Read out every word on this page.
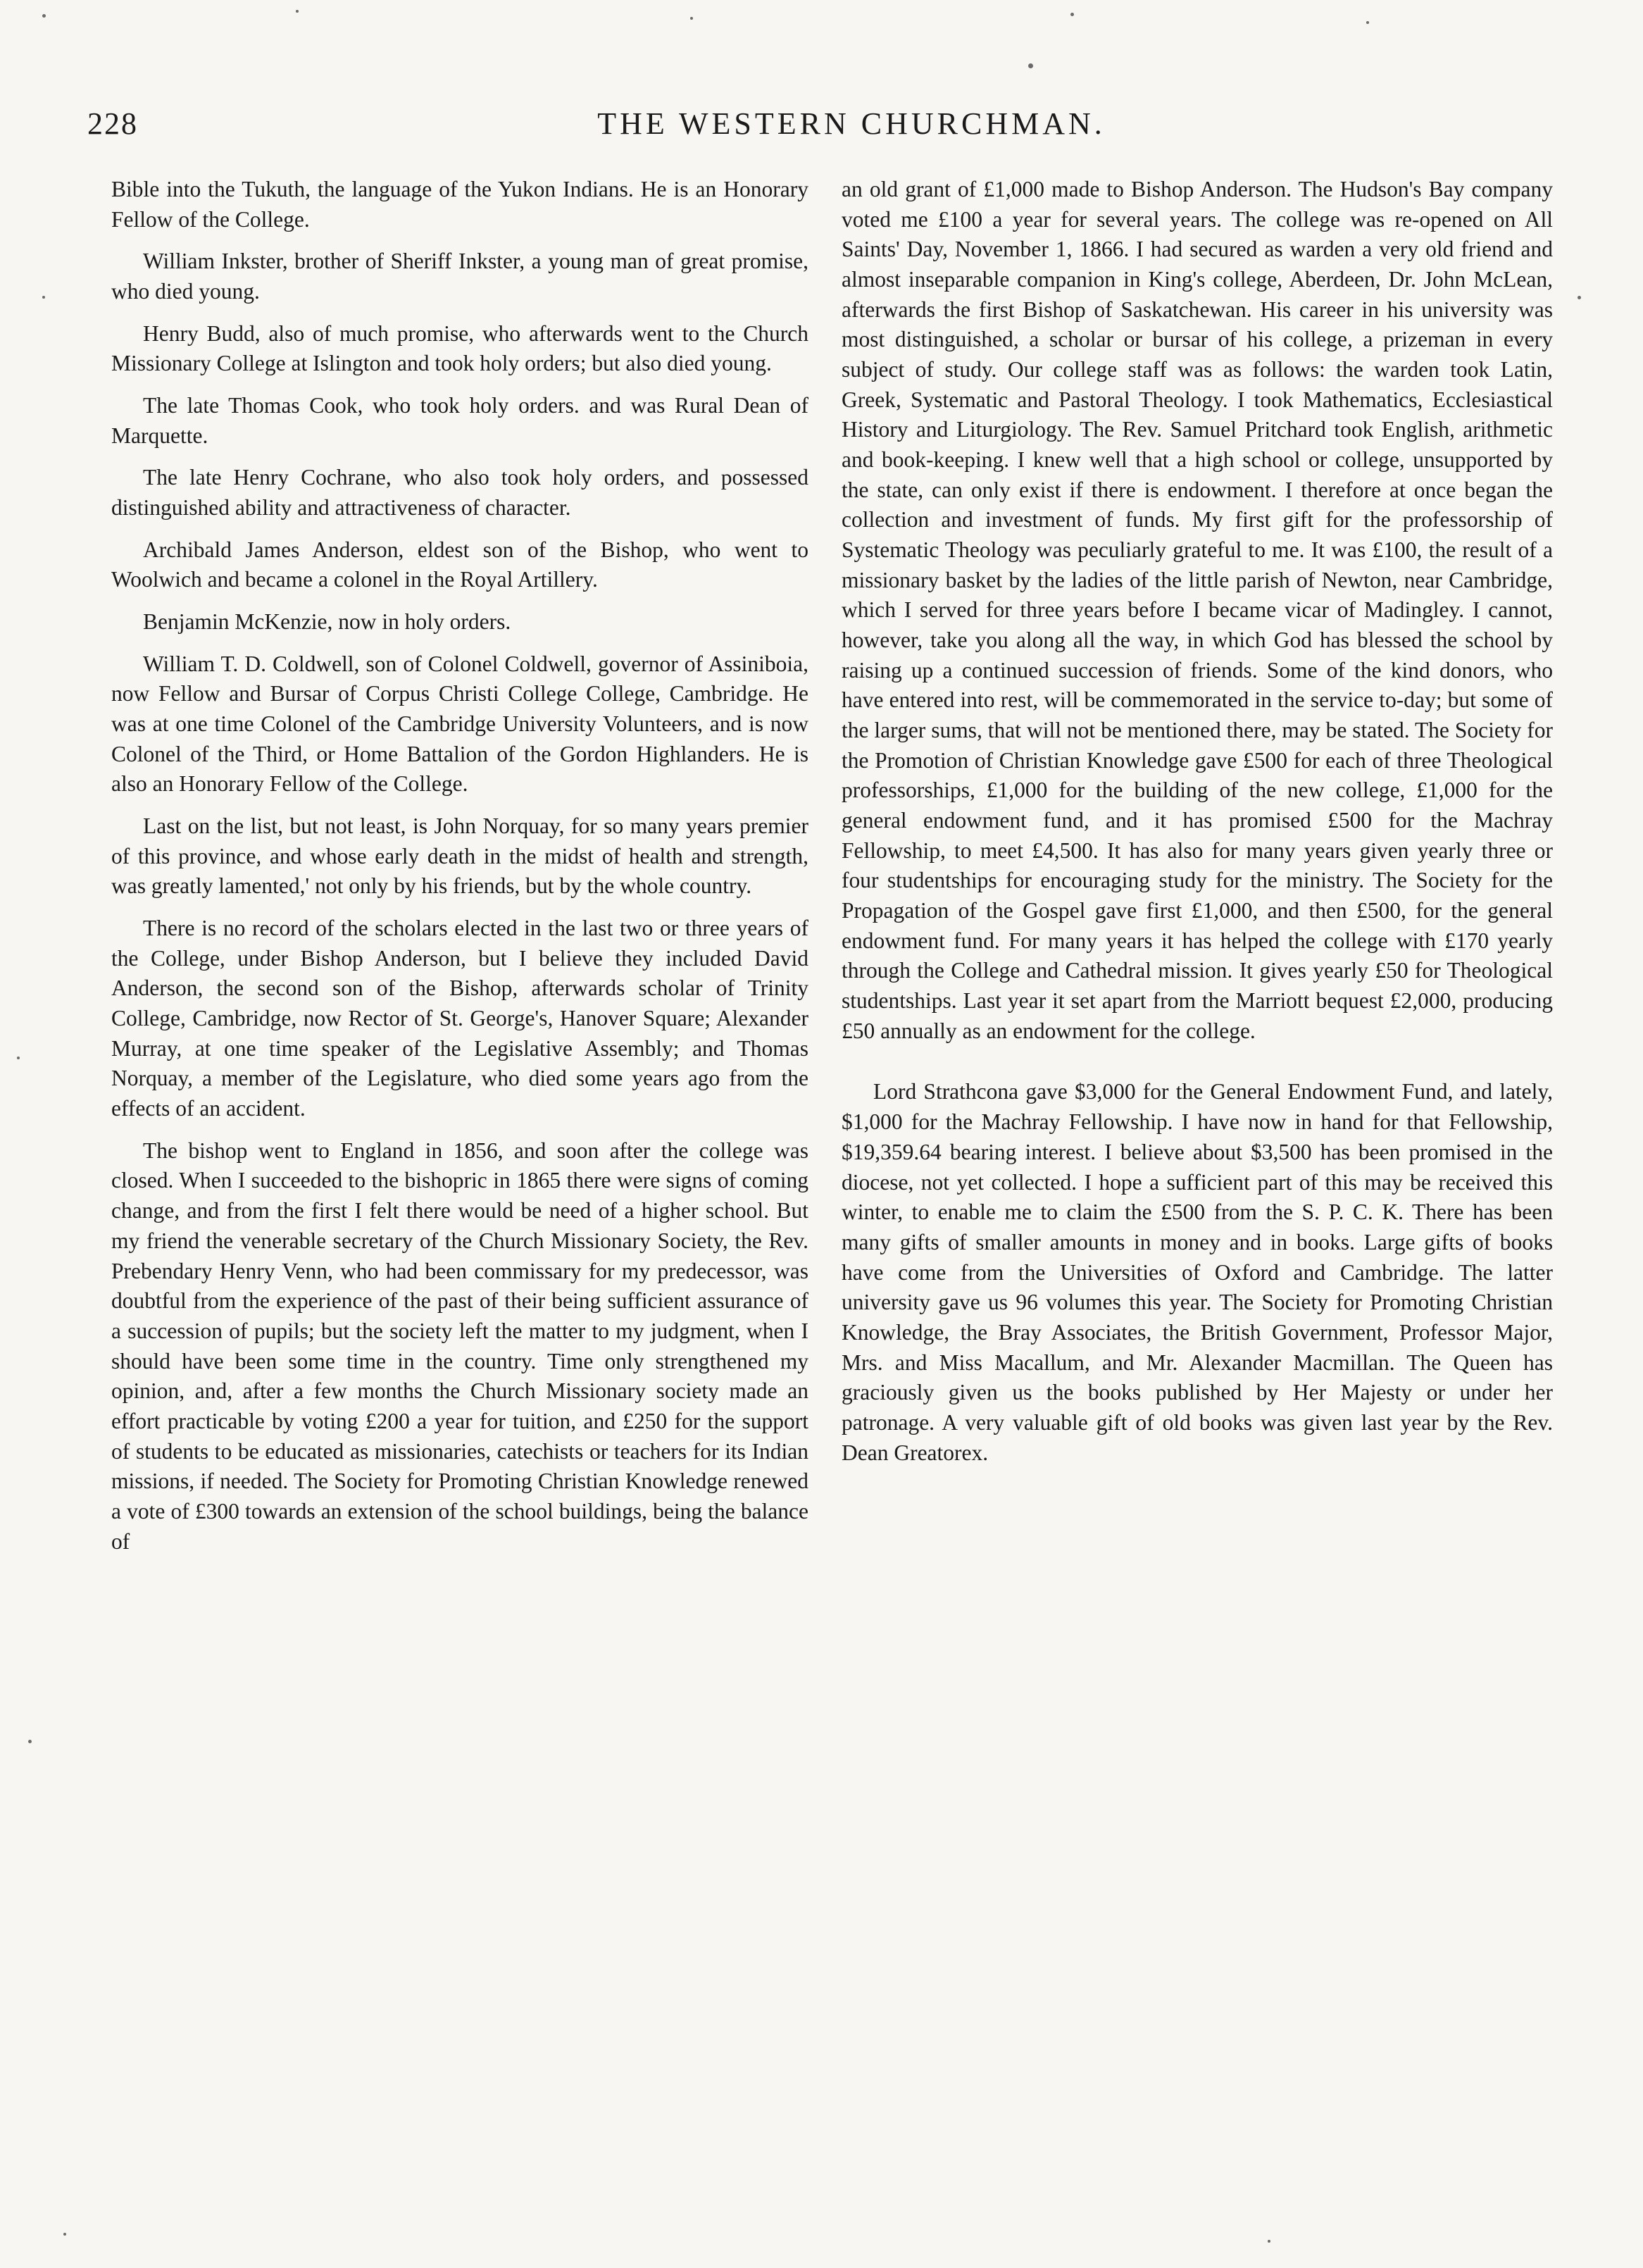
228	THE WESTERN CHURCHMAN.

Bible into the Tukuth, the language of the Yukon Indians. He is an Honorary Fellow of the College.

William Inkster, brother of Sheriff Inkster, a young man of great promise, who died young.

Henry Budd, also of much promise, who afterwards went to the Church Missionary College at Islington and took holy orders; but also died young.

The late Thomas Cook, who took holy orders. and was Rural Dean of Marquette.

The late Henry Cochrane, who also took holy orders, and possessed distinguished ability and attractiveness of character.

Archibald James Anderson, eldest son of the Bishop, who went to Woolwich and became a colonel in the Royal Artillery.

Benjamin McKenzie, now in holy orders.

William T. D. Coldwell, son of Colonel Coldwell, governor of Assiniboia, now Fellow and Bursar of Corpus Christi College College, Cambridge. He was at one time Colonel of the Cambridge University Volunteers, and is now Colonel of the Third, or Home Battalion of the Gordon Highlanders. He is also an Honorary Fellow of the College.

Last on the list, but not least, is John Norquay, for so many years premier of this province, and whose early death in the midst of health and strength, was greatly lamented,' not only by his friends, but by the whole country.

There is no record of the scholars elected in the last two or three years of the College, under Bishop Anderson, but I believe they included David Anderson, the second son of the Bishop, afterwards scholar of Trinity College, Cambridge, now Rector of St. George's, Hanover Square; Alexander Murray, at one time speaker of the Legislative Assembly; and Thomas Norquay, a member of the Legislature, who died some years ago from the effects of an accident.

The bishop went to England in 1856, and soon after the college was closed. When I succeeded to the bishopric in 1865 there were signs of coming change, and from the first I felt there would be need of a higher school. But my friend the venerable secretary of the Church Missionary Society, the Rev. Prebendary Henry Venn, who had been commissary for my predecessor, was doubtful from the experience of the past of their being sufficient assurance of a succession of pupils; but the society left the matter to my judgment, when I should have been some time in the country. Time only strengthened my opinion, and, after a few months the Church Missionary society made an effort practicable by voting £200 a year for tuition, and £250 for the support of students to be educated as missionaries, catechists or teachers for its Indian missions, if needed. The Society for Promoting Christian Knowledge renewed a vote of £300 towards an extension of the school buildings, being the balance of

an old grant of £1,000 made to Bishop Anderson. The Hudson's Bay company voted me £100 a year for several years. The college was re-opened on All Saints' Day, November 1, 1866. I had secured as warden a very old friend and almost inseparable companion in King's college, Aberdeen, Dr. John McLean, afterwards the first Bishop of Saskatchewan. His career in his university was most distinguished, a scholar or bursar of his college, a prizeman in every subject of study. Our college staff was as follows: the warden took Latin, Greek, Systematic and Pastoral Theology. I took Mathematics, Ecclesiastical History and Liturgiology. The Rev. Samuel Pritchard took English, arithmetic and book-keeping. I knew well that a high school or college, unsupported by the state, can only exist if there is endowment. I therefore at once began the collection and investment of funds. My first gift for the professorship of Systematic Theology was peculiarly grateful to me. It was £100, the result of a missionary basket by the ladies of the little parish of Newton, near Cambridge, which I served for three years before I became vicar of Madingley. I cannot, however, take you along all the way, in which God has blessed the school by raising up a continued succession of friends. Some of the kind donors, who have entered into rest, will be commemorated in the service to-day; but some of the larger sums, that will not be mentioned there, may be stated. The Society for the Promotion of Christian Knowledge gave £500 for each of three Theological professorships, £1,000 for the building of the new college, £1,000 for the general endowment fund, and it has promised £500 for the Machray Fellowship, to meet £4,500. It has also for many years given yearly three or four studentships for encouraging study for the ministry. The Society for the Propagation of the Gospel gave first £1,000, and then £500, for the general endowment fund. For many years it has helped the college with £170 yearly through the College and Cathedral mission. It gives yearly £50 for Theological studentships. Last year it set apart from the Marriott bequest £2,000, producing £50 annually as an endowment for the college.

Lord Strathcona gave $3,000 for the General Endowment Fund, and lately, $1,000 for the Machray Fellowship. I have now in hand for that Fellowship, $19,359.64 bearing interest. I believe about $3,500 has been promised in the diocese, not yet collected. I hope a sufficient part of this may be received this winter, to enable me to claim the £500 from the S. P. C. K. There has been many gifts of smaller amounts in money and in books. Large gifts of books have come from the Universities of Oxford and Cambridge. The latter university gave us 96 volumes this year. The Society for Promoting Christian Knowledge, the Bray Associates, the British Government, Professor Major, Mrs. and Miss Macallum, and Mr. Alexander Macmillan. The Queen has graciously given us the books published by Her Majesty or under her patronage. A very valuable gift of old books was given last year by the Rev. Dean Greatorex.
